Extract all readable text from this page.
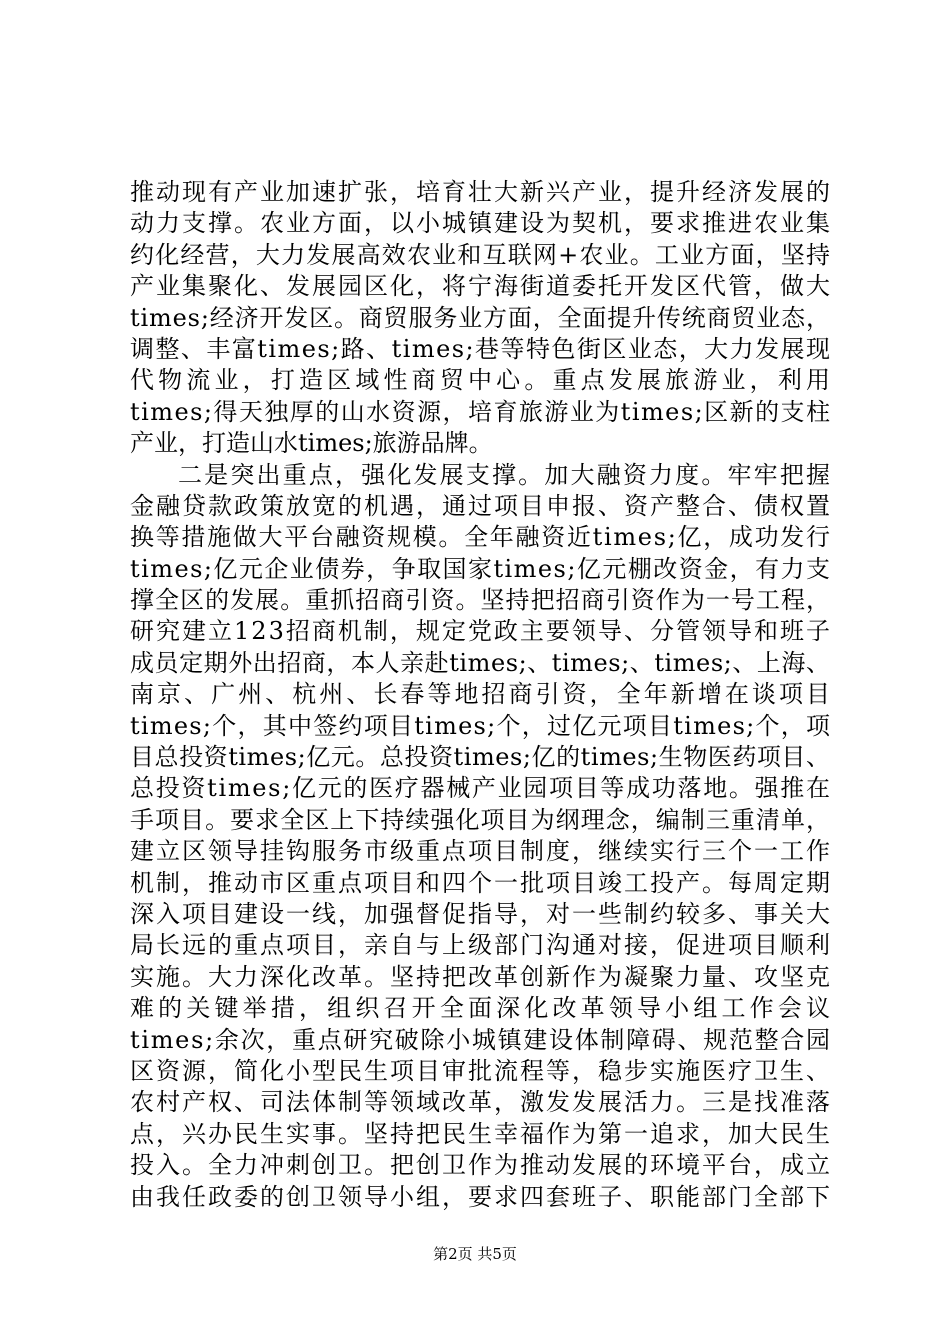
推动现有产业加速扩张，培育壮大新兴产业，提升经济发展的
动力支撑。农业方面，以小城镇建设为契机，要求推进农业集
约化经营，大力发展高效农业和互联网+农业。工业方面，坚持
产业集聚化、发展园区化，将宁海街道委托开发区代管，做大
times;经济开发区。商贸服务业方面，全面提升传统商贸业态，
调整、丰富times;路、times;巷等特色街区业态，大力发展现
代物流业，打造区域性商贸中心。重点发展旅游业，利用
times;得天独厚的山水资源，培育旅游业为times;区新的支柱
产业，打造山水times;旅游品牌。
二是突出重点，强化发展支撑。加大融资力度。牢牢把握
金融贷款政策放宽的机遇，通过项目申报、资产整合、债权置
换等措施做大平台融资规模。全年融资近times;亿，成功发行
times;亿元企业债券，争取国家times;亿元棚改资金，有力支
撑全区的发展。重抓招商引资。坚持把招商引资作为一号工程，
研究建立123招商机制，规定党政主要领导、分管领导和班子
成员定期外出招商，本人亲赴times;、times;、times;、上海、
南京、广州、杭州、长春等地招商引资，全年新增在谈项目
times;个，其中签约项目times;个，过亿元项目times;个，项
目总投资times;亿元。总投资times;亿的times;生物医药项目、
总投资times;亿元的医疗器械产业园项目等成功落地。强推在
手项目。要求全区上下持续强化项目为纲理念，编制三重清单，
建立区领导挂钩服务市级重点项目制度，继续实行三个一工作
机制，推动市区重点项目和四个一批项目竣工投产。每周定期
深入项目建设一线，加强督促指导，对一些制约较多、事关大
局长远的重点项目，亲自与上级部门沟通对接，促进项目顺利
实施。大力深化改革。坚持把改革创新作为凝聚力量、攻坚克
难的关键举措，组织召开全面深化改革领导小组工作会议
times;余次，重点研究破除小城镇建设体制障碍、规范整合园
区资源，简化小型民生项目审批流程等，稳步实施医疗卫生、
农村产权、司法体制等领域改革，激发发展活力。三是找准落
点，兴办民生实事。坚持把民生幸福作为第一追求，加大民生
投入。全力冲刺创卫。把创卫作为推动发展的环境平台，成立
由我任政委的创卫领导小组，要求四套班子、职能部门全部下
第2页 共5页
